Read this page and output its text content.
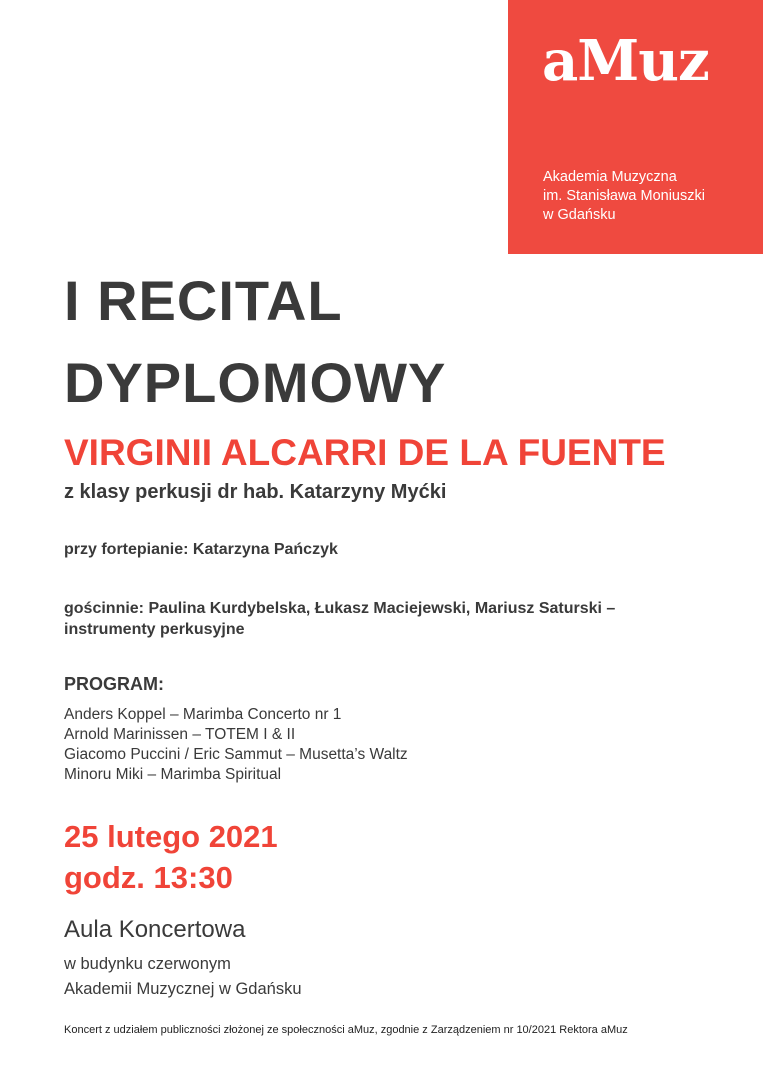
aMuz
Akademia Muzyczna
im. Stanisława Moniuszki
w Gdańsku
I RECITAL
DYPLOMOWY
VIRGINII ALCARRI DE LA FUENTE
z klasy perkusji dr hab. Katarzyny Myćki
przy fortepianie: Katarzyna Pańczyk
gościnnie: Paulina Kurdybelska, Łukasz Maciejewski, Mariusz Saturski –
instrumenty perkusyjne
PROGRAM:
Anders Koppel – Marimba Concerto nr 1
Arnold Marinissen – TOTEM I & II
Giacomo Puccini / Eric Sammut – Musetta’s Waltz
Minoru Miki – Marimba Spiritual
25 lutego 2021
godz. 13:30
Aula Koncertowa
w budynku czerwonym
Akademii Muzycznej w Gdańsku
Koncert z udziałem publiczności złożonej ze społeczności aMuz, zgodnie z Zarządzeniem nr 10/2021 Rektora aMuz
